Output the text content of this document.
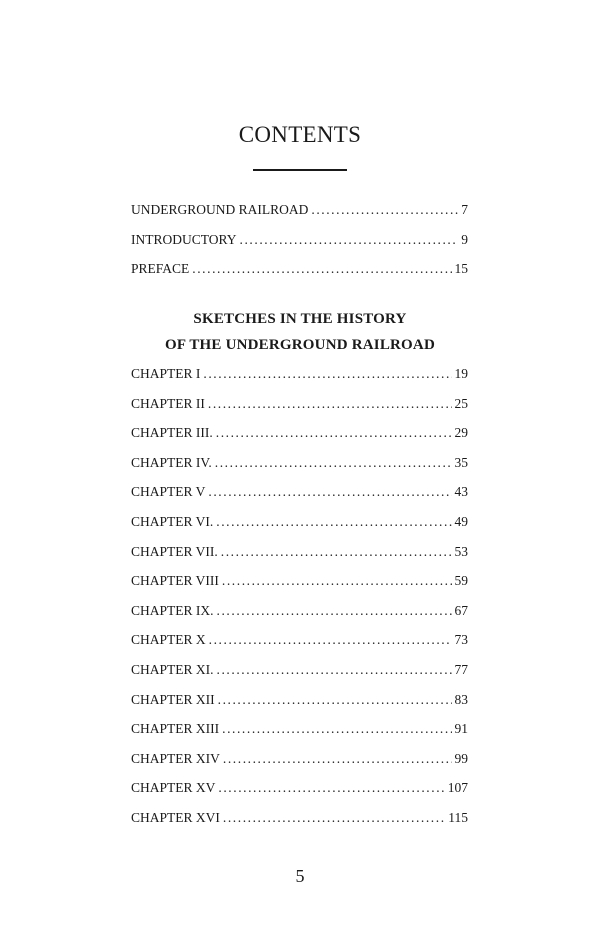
CONTENTS
UNDERGROUND RAILROAD . . .	7
INTRODUCTORY . . .	9
PREFACE . . .	15
SKETCHES IN THE HISTORY
OF THE UNDERGROUND RAILROAD
CHAPTER I . . .	19
CHAPTER II . . .	25
CHAPTER III. . . .	29
CHAPTER IV. . . .	35
CHAPTER V . . .	43
CHAPTER VI. . . .	49
CHAPTER VII. . . .	53
CHAPTER VIII . . .	59
CHAPTER IX. . . .	67
CHAPTER X . . .	73
CHAPTER XI. . . .	77
CHAPTER XII . . .	83
CHAPTER XIII . . .	91
CHAPTER XIV . . .	99
CHAPTER XV . . .	107
CHAPTER XVI . . .	115
5
